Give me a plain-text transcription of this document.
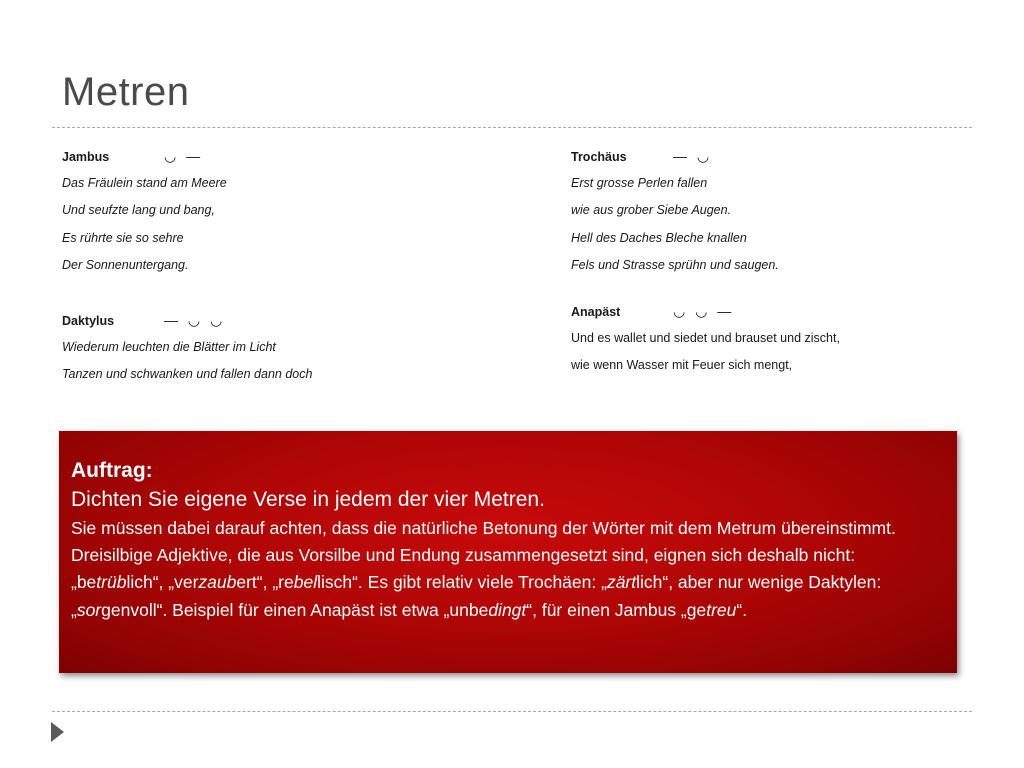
Metren
Jambus	◡ —
Das Fräulein stand am Meere
Und seufzte lang und bang,
Es rührte sie so sehre
Der Sonnenuntergang.
Trochäus	— ◡
Erst grosse Perlen fallen
wie aus grober Siebe Augen.
Hell des Daches Bleche knallen
Fels und Strasse sprühn und saugen.
Daktylus	— ◡ ◡
Wiederum leuchten die Blätter im Licht
Tanzen und schwanken und fallen dann doch
Anapäst	◡ ◡ —
Und es wallet und siedet und brauset und zischt,
wie wenn Wasser mit Feuer sich mengt,
Auftrag:
Dichten Sie eigene Verse in jedem der vier Metren.
Sie müssen dabei darauf achten, dass die natürliche Betonung der Wörter mit dem Metrum übereinstimmt. Dreisilbige Adjektive, die aus Vorsilbe und Endung zusammengesetzt sind, eignen sich deshalb nicht: „betrüblich“, „verzaubert“, „rebellisch“. Es gibt relativ viele Trochäen: „zärtlich“, aber nur wenige Daktylen: „sorgenvoll“. Beispiel für einen Anapäst ist etwa „unbedingt“, für einen Jambus „getreu“.
